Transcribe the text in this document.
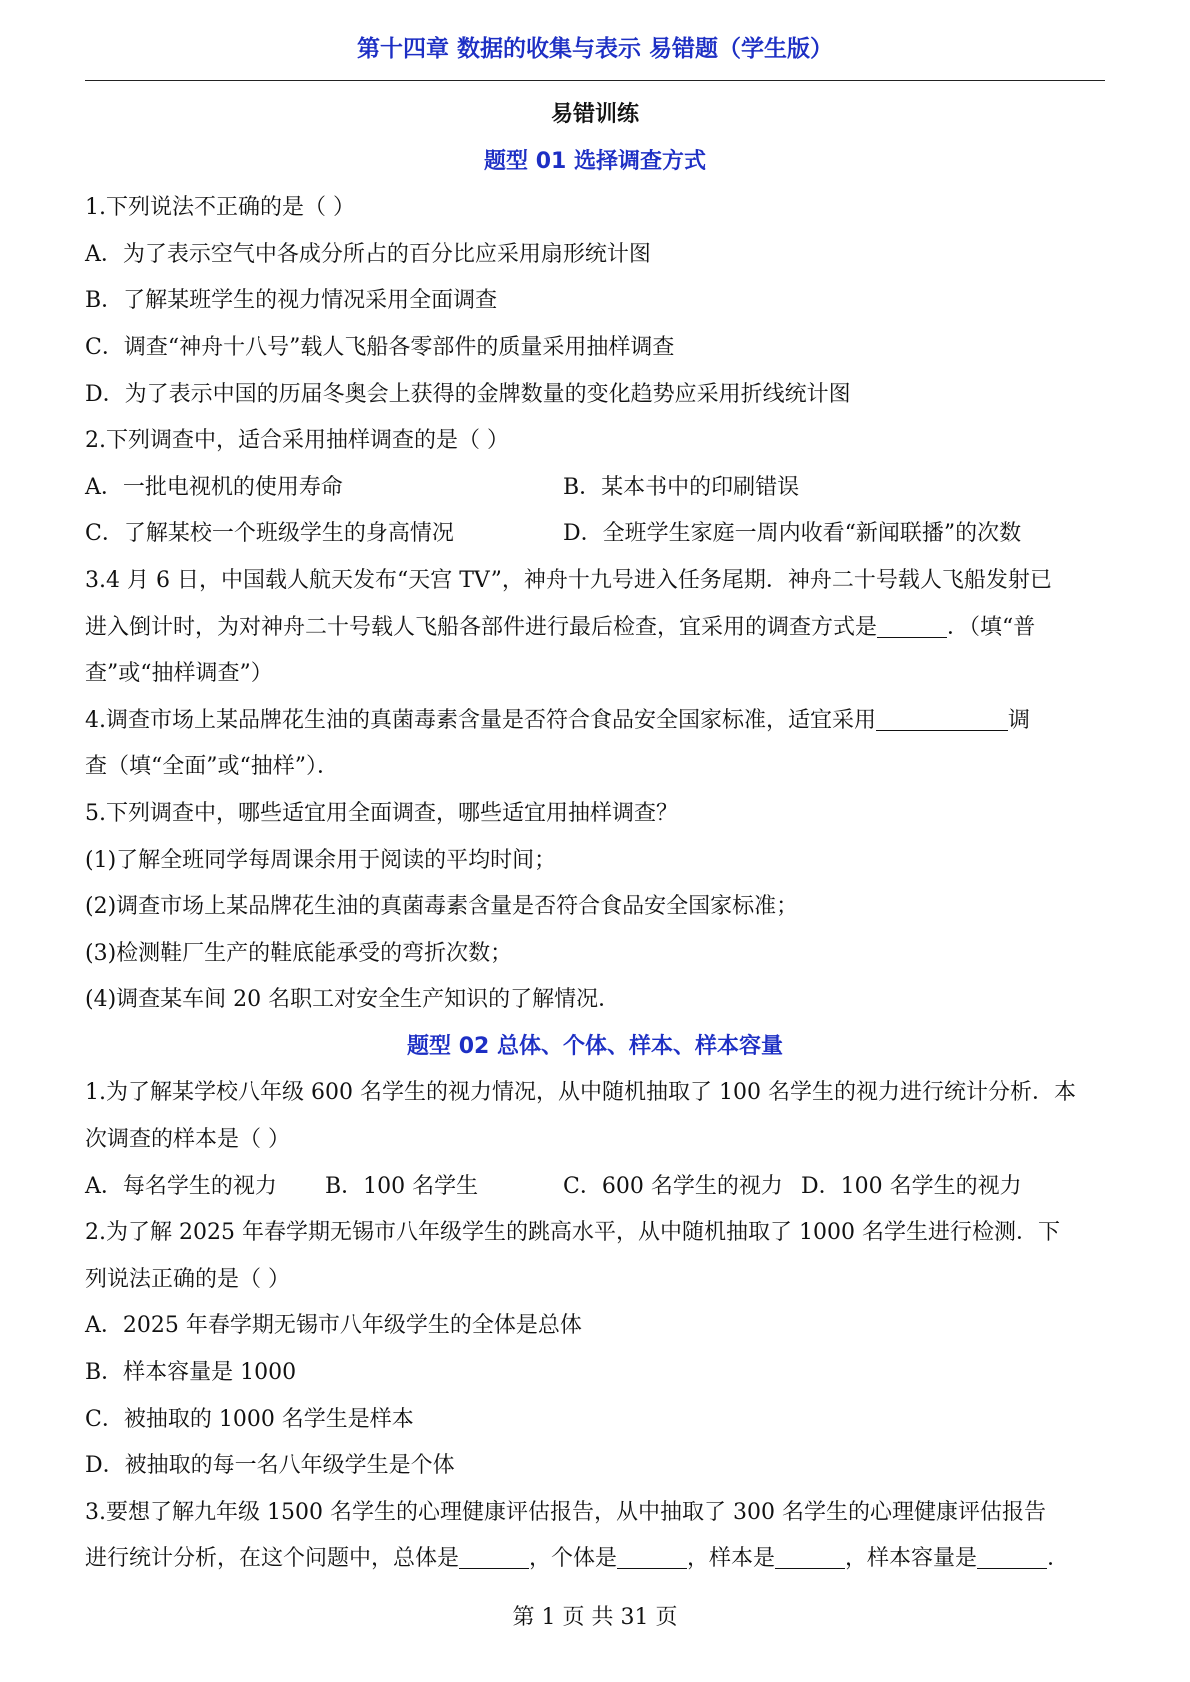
第十四章 数据的收集与表示 易错题（学生版）
易错训练
题型 01 选择调查方式
1.下列说法不正确的是（ ）
A．为了表示空气中各成分所占的百分比应采用扇形统计图
B．了解某班学生的视力情况采用全面调查
C．调查“神舟十八号”载人飞船各零部件的质量采用抽样调查
D．为了表示中国的历届冬奥会上获得的金牌数量的变化趋势应采用折线统计图
2.下列调查中，适合采用抽样调查的是（ ）
A．一批电视机的使用寿命	B．某本书中的印刷错误
C．了解某校一个班级学生的身高情况	D．全班学生家庭一周内收看“新闻联播”的次数
3.4 月 6 日，中国载人航天发布“天宫 TV”，神舟十九号进入任务尾期．神舟二十号载人飞船发射已
进入倒计时，为对神舟二十号载人飞船各部件进行最后检查，宜采用的调查方式是	．（填“普
查”或“抽样调查”）
4.调查市场上某品牌花生油的真菌毒素含量是否符合食品安全国家标准，适宜采用	调
查（填“全面”或“抽样”）．
5.下列调查中，哪些适宜用全面调查，哪些适宜用抽样调查？
(1)了解全班同学每周课余用于阅读的平均时间；
(2)调查市场上某品牌花生油的真菌毒素含量是否符合食品安全国家标准；
(3)检测鞋厂生产的鞋底能承受的弯折次数；
(4)调查某车间 20 名职工对安全生产知识的了解情况．
题型 02 总体、个体、样本、样本容量
1.为了解某学校八年级 600 名学生的视力情况，从中随机抽取了 100 名学生的视力进行统计分析．本
次调查的样本是（ ）
A．每名学生的视力	B．100 名学生	C．600 名学生的视力 D．100 名学生的视力
2.为了解 2025 年春学期无锡市八年级学生的跳高水平，从中随机抽取了 1000 名学生进行检测．下
列说法正确的是（ ）
A．2025 年春学期无锡市八年级学生的全体是总体
B．样本容量是 1000
C．被抽取的 1000 名学生是样本
D．被抽取的每一名八年级学生是个体
3.要想了解九年级 1500 名学生的心理健康评估报告，从中抽取了 300 名学生的心理健康评估报告
进行统计分析，在这个问题中，总体是	，个体是	，样本是	，样本容量是	．
第 1 页 共 31 页
